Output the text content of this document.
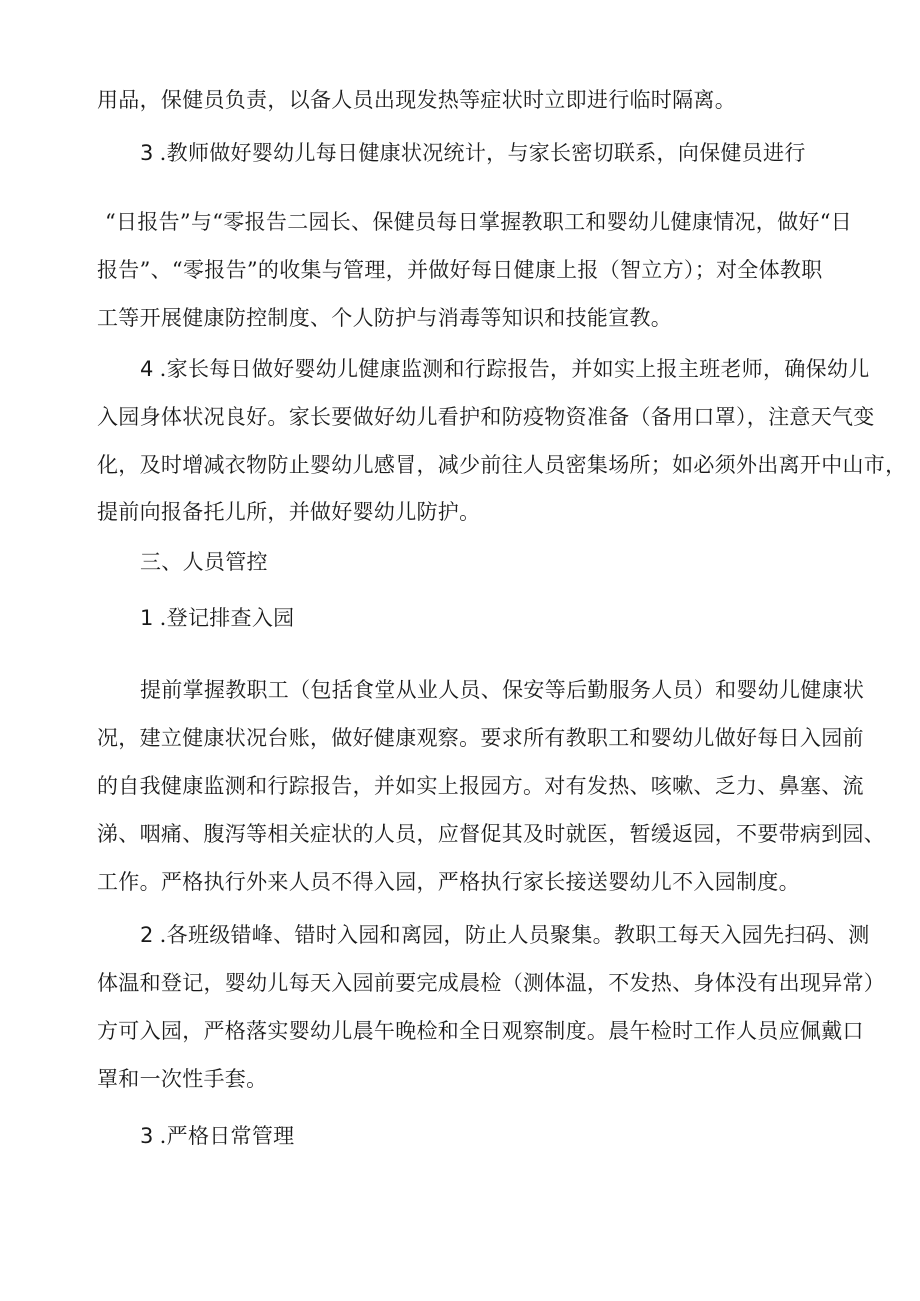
用品，保健员负责，以备人员出现发热等症状时立即进行临时隔离。
3 .教师做好婴幼儿每日健康状况统计，与家长密切联系，向保健员进行
“日报告”与“零报告二园长、保健员每日掌握教职工和婴幼儿健康情况，做好“日
报告”、“零报告”的收集与管理，并做好每日健康上报（智立方）；对全体教职
工等开展健康防控制度、个人防护与消毒等知识和技能宣教。
4 .家长每日做好婴幼儿健康监测和行踪报告，并如实上报主班老师，确保幼儿
入园身体状况良好。家长要做好幼儿看护和防疫物资准备（备用口罩），注意天气变
化，及时增减衣物防止婴幼儿感冒，减少前往人员密集场所；如必须外出离开中山市，
提前向报备托儿所，并做好婴幼儿防护。
三、人员管控
1 .登记排查入园
提前掌握教职工（包括食堂从业人员、保安等后勤服务人员）和婴幼儿健康状
况，建立健康状况台账，做好健康观察。要求所有教职工和婴幼儿做好每日入园前
的自我健康监测和行踪报告，并如实上报园方。对有发热、咳嗽、乏力、鼻塞、流
涕、咽痛、腹泻等相关症状的人员，应督促其及时就医，暂缓返园，不要带病到园、
工作。严格执行外来人员不得入园，严格执行家长接送婴幼儿不入园制度。
2 .各班级错峰、错时入园和离园，防止人员聚集。教职工每天入园先扫码、测
体温和登记，婴幼儿每天入园前要完成晨检（测体温，不发热、身体没有出现异常）
方可入园，严格落实婴幼儿晨午晚检和全日观察制度。晨午检时工作人员应佩戴口
罩和一次性手套。
3 .严格日常管理
